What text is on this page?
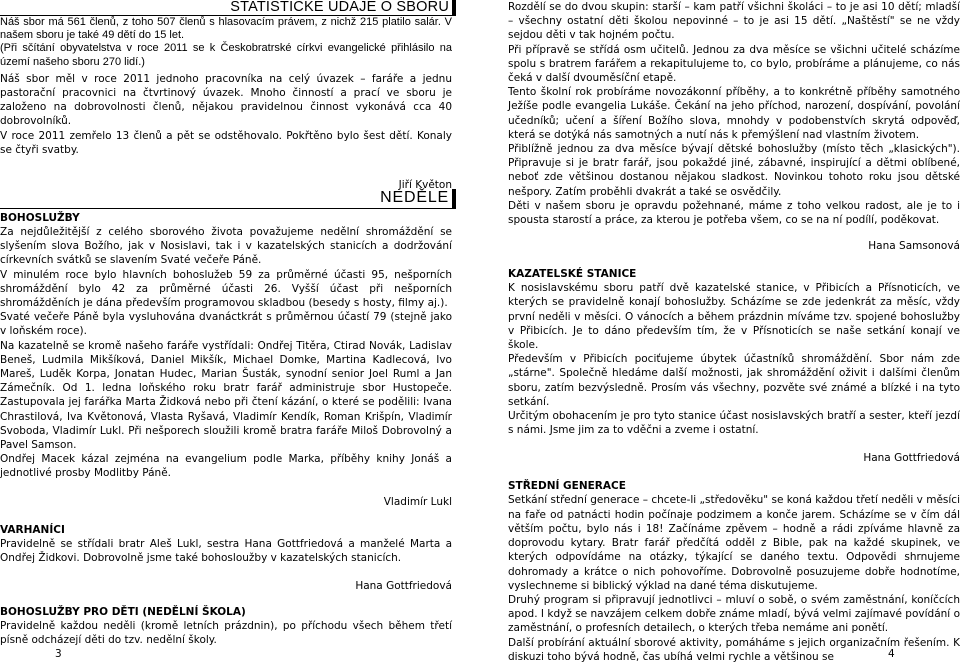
STATISTICKÉ ÚDAJE O SBORU

Náš sbor má 561 členů, z toho 507 členů s hlasovacím právem, z nichž 215 platilo salár. V našem sboru je také 49 dětí do 15 let.

(Při sčítání obyvatelstva v roce 2011 se k Českobratrské církvi evangelické přihlásilo na území našeho sboru 270 lidí.)

Náš sbor měl v roce 2011 jednoho pracovníka na celý úvazek – faráře a jednu pastorační pracovnici na čtvrtinový úvazek. Mnoho činností a prací ve sboru je založeno na dobrovolnosti členů, nějakou pravidelnou činnost vykonává cca 40 dobrovolníků.

V roce 2011 zemřelo 13 členů a pět se odstěhovalo. Pokřtěno bylo šest dětí. Konaly se čtyři svatby.

Jiří Květon

NEDĚLE

BOHOSLUŽBY

Za nejdůležitější z celého sborového života považujeme nedělní shromáždění se slyšením slova Božího, jak v Nosislavi, tak i v kazatelských stanicích a dodržování církevních svátků se slavením Svaté večeře Páně.

V minulém roce bylo hlavních bohoslužeb 59 za průměrné účasti 95, nešporních shromáždění bylo 42 za průměrné účasti 26. Vyšší účast při nešporních shromážděních je dána především programovou skladbou (besedy s hosty, filmy aj.).

Svaté večeře Páně byla vysluhována dvanáctkrát s průměrnou účastí 79 (stejně jako v loňském roce).

Na kazatelně se kromě našeho faráře vystřídali: Ondřej Titěra, Ctirad Novák, Ladislav Beneš, Ludmila Mikšíková, Daniel Mikšík, Michael Domke, Martina Kadlecová, Ivo Mareš, Luděk Korpa, Jonatan Hudec, Marian Šusták, synodní senior Joel Ruml a Jan Zámečník. Od 1. ledna loňského roku bratr farář administruje sbor Hustopeče. Zastupovala jej farářka Marta Židková nebo při čtení kázání, o které se podělili: Ivana Chrastilová, Iva Květonová, Vlasta Ryšavá, Vladimír Kendík, Roman Krišpín, Vladimír Svoboda, Vladimír Lukl. Při nešporech sloužili kromě bratra faráře Miloš Dobrovolný a Pavel Samson.

Ondřej Macek kázal zejména na evangelium podle Marka, příběhy knihy Jonáš a jednotlivé prosby Modlitby Páně.

Vladimír Lukl

VARHANÍCI

Pravidelně se střídali bratr Aleš Lukl, sestra Hana Gottfriedová a manželé Marta a Ondřej Židkovi. Dobrovolně jsme také bohosloužby v kazatelských stanicích.

Hana Gottfriedová

BOHOSLUŽBY PRO DĚTI (NEDĚLNÍ ŠKOLA)

Pravidelně každou neděli (kromě letních prázdnin), po příchodu všech během třetí písně odcházejí děti do tzv. nedělní školy.

3

Rozdělí se do dvou skupin: starší – kam patří všichni školáci – to je asi 10 dětí; mladší – všechny ostatní děti školou nepovinné – to je asi 15 dětí. „Naštěstí" se ne vždy sejdou děti v tak hojném počtu.

Při přípravě se střídá osm učitelů. Jednou za dva měsíce se všichni učitelé scházíme spolu s bratrem farářem a rekapitulujeme to, co bylo, probíráme a plánujeme, co nás čeká v další dvouměsíční etapě.

Tento školní rok probíráme novozákonní příběhy, a to konkrétně příběhy samotného Ježíše podle evangelia Lukáše. Čekání na jeho příchod, narození, dospívání, povolání učedníků; učení a šíření Božího slova, mnohdy v podobenstvích skrytá odpověď, která se dotýká nás samotných a nutí nás k přemýšlení nad vlastním životem.

Přiblížně jednou za dva měsíce bývají dětské bohoslužby (místo těch „klasických"). Připravuje si je bratr farář, jsou pokaždé jiné, zábavné, inspirující a dětmi oblíbené, neboť zde většinou dostanou nějakou sladkost. Novinkou tohoto roku jsou dětské nešpory. Zatím proběhli dvakrát a také se osvědčily.

Děti v našem sboru je opravdu požehnané, máme z toho velkou radost, ale je to i spousta starostí a práce, za kterou je potřeba všem, co se na ní podílí, poděkovat.

Hana Samsonová

KAZATELSKÉ STANICE

K nosislavskému sboru patří dvě kazatelské stanice, v Přibicích a Přísnoticích, ve kterých se pravidelně konají bohoslužby. Scházíme se zde jedenkrát za měsíc, vždy první neděli v měsíci. O vánocích a během prázdnin míváme tzv. spojené bohoslužby v Přibicích. Je to dáno především tím, že v Přísnoticích se naše setkání konají ve škole.

Především v Přibicích pociťujeme úbytek účastníků shromáždění. Sbor nám zde „stárne". Společně hledáme další možnosti, jak shromáždění oživit i dalšími členům sboru, zatím bezvýsledně. Prosím vás všechny, pozvěte své známé a blízké i na tyto setkání.

Určitým obohacením je pro tyto stanice účast nosislavských bratří a sester, kteří jezdí s námi. Jsme jim za to vděčni a zveme i ostatní.

Hana Gottfriedová

STŘEDNÍ GENERACE

Setkání střední generace – chcete-li „středověku" se koná každou třetí neděli v měsíci na faře od patnácti hodin počínaje podzimem a konče jarem. Scházíme se v čím dál větším počtu, bylo nás i 18! Začínáme zpěvem – hodně a rádi zpíváme hlavně za doprovodu kytary. Bratr farář předčítá odděl z Bible, pak na každé skupinek, ve kterých odpovídáme na otázky, týkající se daného textu. Odpovědi shrnujeme dohromady a krátce o nich pohovoříme. Dobrovolně posuzujeme dobře hodnotíme, vyslechneme si biblický výklad na dané téma diskutujeme.

Druhý program si připravují jednotlivci – mluví o sobě, o svém zaměstnání, koníčcích apod. I když se navzájem celkem dobře známe mladí, bývá velmi zajímavé povídání o zaměstnání, o profesních detailech, o kterých třeba nemáme ani ponětí.

Další probírání aktuální sborové aktivity, pomáháme s jejich organizačním řešením. K diskuzi toho bývá hodně, čas ubíhá velmi rychle a většinou se	4
